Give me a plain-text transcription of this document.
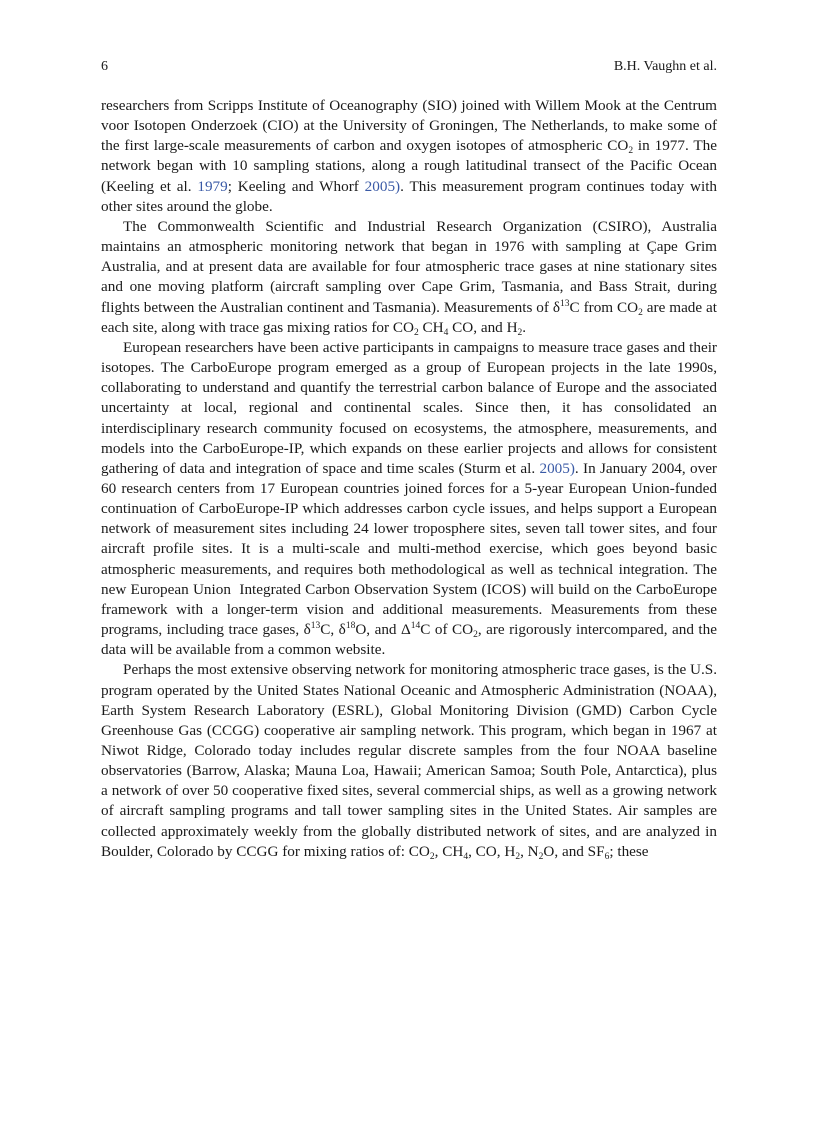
6	B.H. Vaughn et al.

researchers from Scripps Institute of Oceanography (SIO) joined with Willem Mook at the Centrum voor Isotopen Onderzoek (CIO) at the University of Groningen, The Netherlands, to make some of the first large-scale measurements of carbon and oxygen isotopes of atmospheric $CO_2$ in 1977. The network began with 10 sampling stations, along a rough latitudinal transect of the Pacific Ocean (Keeling et al. 1979; Keeling and Whorf 2005). This measurement program continues today with other sites around the globe.

The Commonwealth Scientific and Industrial Research Organization (CSIRO), Australia maintains an atmospheric monitoring network that began in 1976 with sampling at Çape Grim Australia, and at present data are available for four atmospheric trace gases at nine stationary sites and one moving platform (aircraft sampling over Cape Grim, Tasmania, and Bass Strait, during flights between the Australian continent and Tasmania). Measurements of $\delta^{13}C$ from $CO_2$ are made at each site, along with trace gas mixing ratios for $CO_2$ $CH_4$ CO, and $H_2$.

European researchers have been active participants in campaigns to measure trace gases and their isotopes. The CarboEurope program emerged as a group of European projects in the late 1990s, collaborating to understand and quantify the terrestrial carbon balance of Europe and the associated uncertainty at local, regional and continental scales. Since then, it has consolidated an interdisciplinary research community focused on ecosystems, the atmosphere, measurements, and models into the CarboEurope-IP, which expands on these earlier projects and allows for consistent gathering of data and integration of space and time scales (Sturm et al. 2005). In January 2004, over 60 research centers from 17 European countries joined forces for a 5-year European Union-funded continuation of CarboEurope-IP which addresses carbon cycle issues, and helps support a European network of measurement sites including 24 lower troposphere sites, seven tall tower sites, and four aircraft profile sites. It is a multi-scale and multi-method exercise, which goes beyond basic atmospheric measurements, and requires both methodological as well as technical integration. The new European Union  Integrated Carbon Observation System (ICOS) will build on the CarboEurope framework with a longer-term vision and additional measurements. Measurements from these programs, including trace gases, $\delta^{13}C$, $\delta^{18}O$, and $\Delta^{14}C$ of $CO_2$, are rigorously intercompared, and the data will be available from a common website.

Perhaps the most extensive observing network for monitoring atmospheric trace gases, is the U.S. program operated by the United States National Oceanic and Atmospheric Administration (NOAA), Earth System Research Laboratory (ESRL), Global Monitoring Division (GMD) Carbon Cycle Greenhouse Gas (CCGG) cooperative air sampling network. This program, which began in 1967 at Niwot Ridge, Colorado today includes regular discrete samples from the four NOAA baseline observatories (Barrow, Alaska; Mauna Loa, Hawaii; American Samoa; South Pole, Antarctica), plus a network of over 50 cooperative fixed sites, several commercial ships, as well as a growing network of aircraft sampling programs and tall tower sampling sites in the United States. Air samples are collected approximately weekly from the globally distributed network of sites, and are analyzed in Boulder, Colorado by CCGG for mixing ratios of: $CO_2$, $CH_4$, CO, $H_2$, $N_2O$, and $SF_6$; these
